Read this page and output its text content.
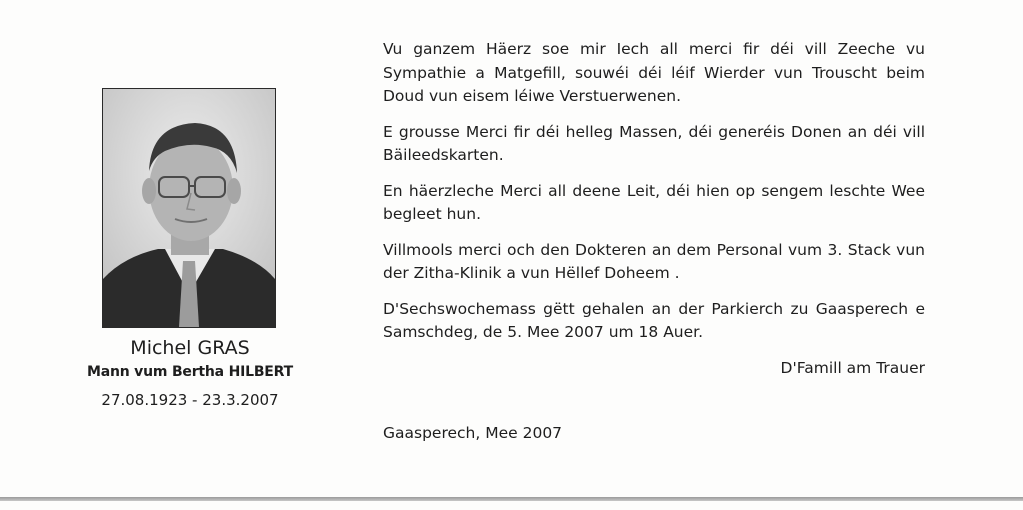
Michel GRAS
Mann vum Bertha HILBERT
27.08.1923 - 23.3.2007

Vu ganzem Häerz soe mir Iech all merci fir déi vill Zeeche vu Sympathie a Matgefill, souwéi déi léif Wierder vun Trouscht beim Doud vun eisem léiwe Verstuerwenen.

E grousse Merci fir déi helleg Massen, déi generéis Donen an déi vill Bäileedskarten.

En häerzleche Merci all deene Leit, déi hien op sengem leschte Wee begleet hun.

Villmools merci och den Dokteren an dem Personal vum 3. Stack vun der Zitha-Klinik a vun Hëllef Doheem .

D'Sechswochemass gëtt gehalen an der Parkierch zu Gaasperech e Samschdeg, de 5. Mee 2007 um 18 Auer.

D'Famill am Trauer
Gaasperech, Mee 2007
